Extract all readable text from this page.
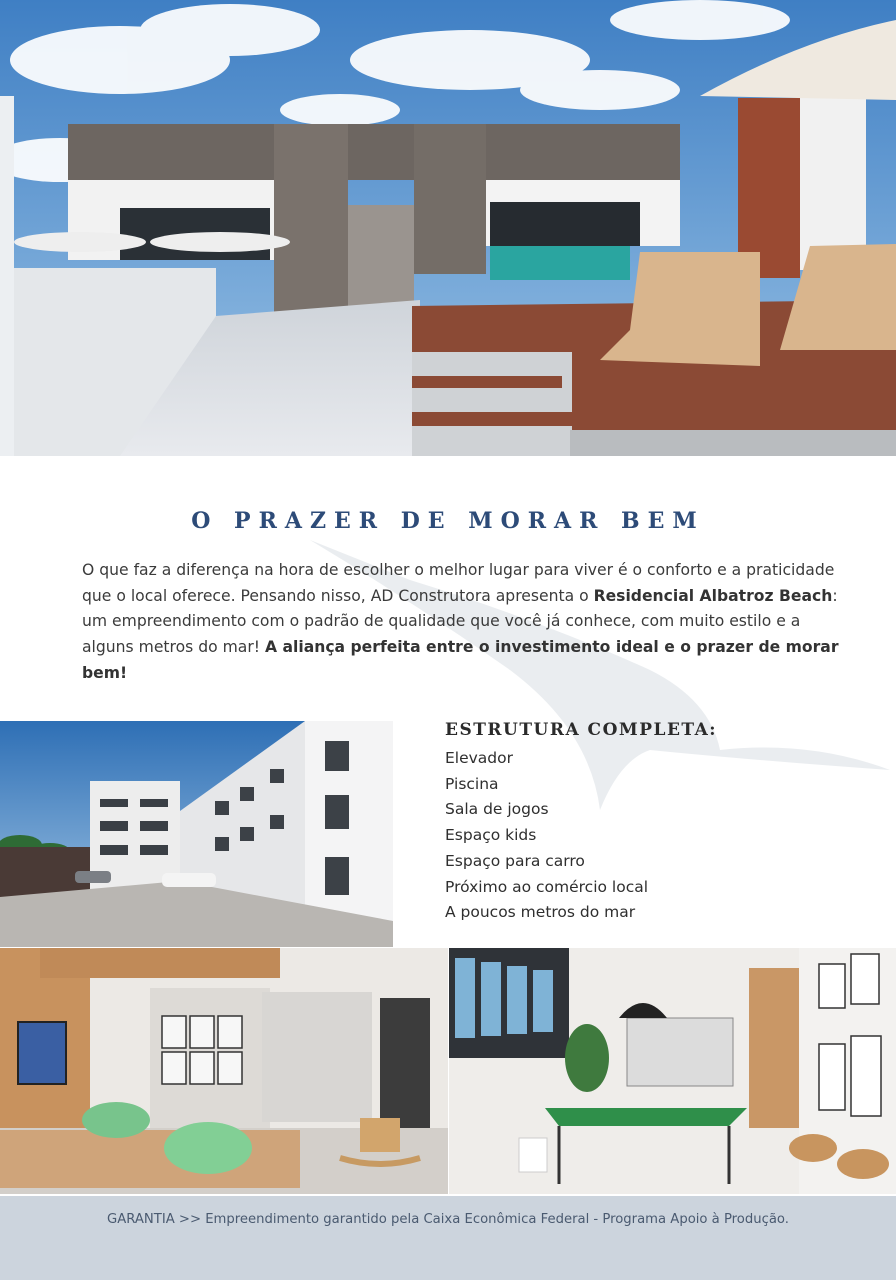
O PRAZER DE MORAR BEM

O que faz a diferença na hora de escolher o melhor lugar para viver é o conforto e a praticidade que o local oferece. Pensando nisso, AD Construtora apresenta o Residencial Albatroz Beach: um empreendimento com o padrão de qualidade que você já conhece, com muito estilo e a alguns metros do mar! A aliança perfeita entre o investimento ideal e o prazer de morar bem!

ESTRUTURA COMPLETA:
Elevador
Piscina
Sala de jogos
Espaço kids
Espaço para carro
Próximo ao comércio local
A poucos metros do mar

GARANTIA >> Empreendimento garantido pela Caixa Econômica Federal - Programa Apoio à Produção.
